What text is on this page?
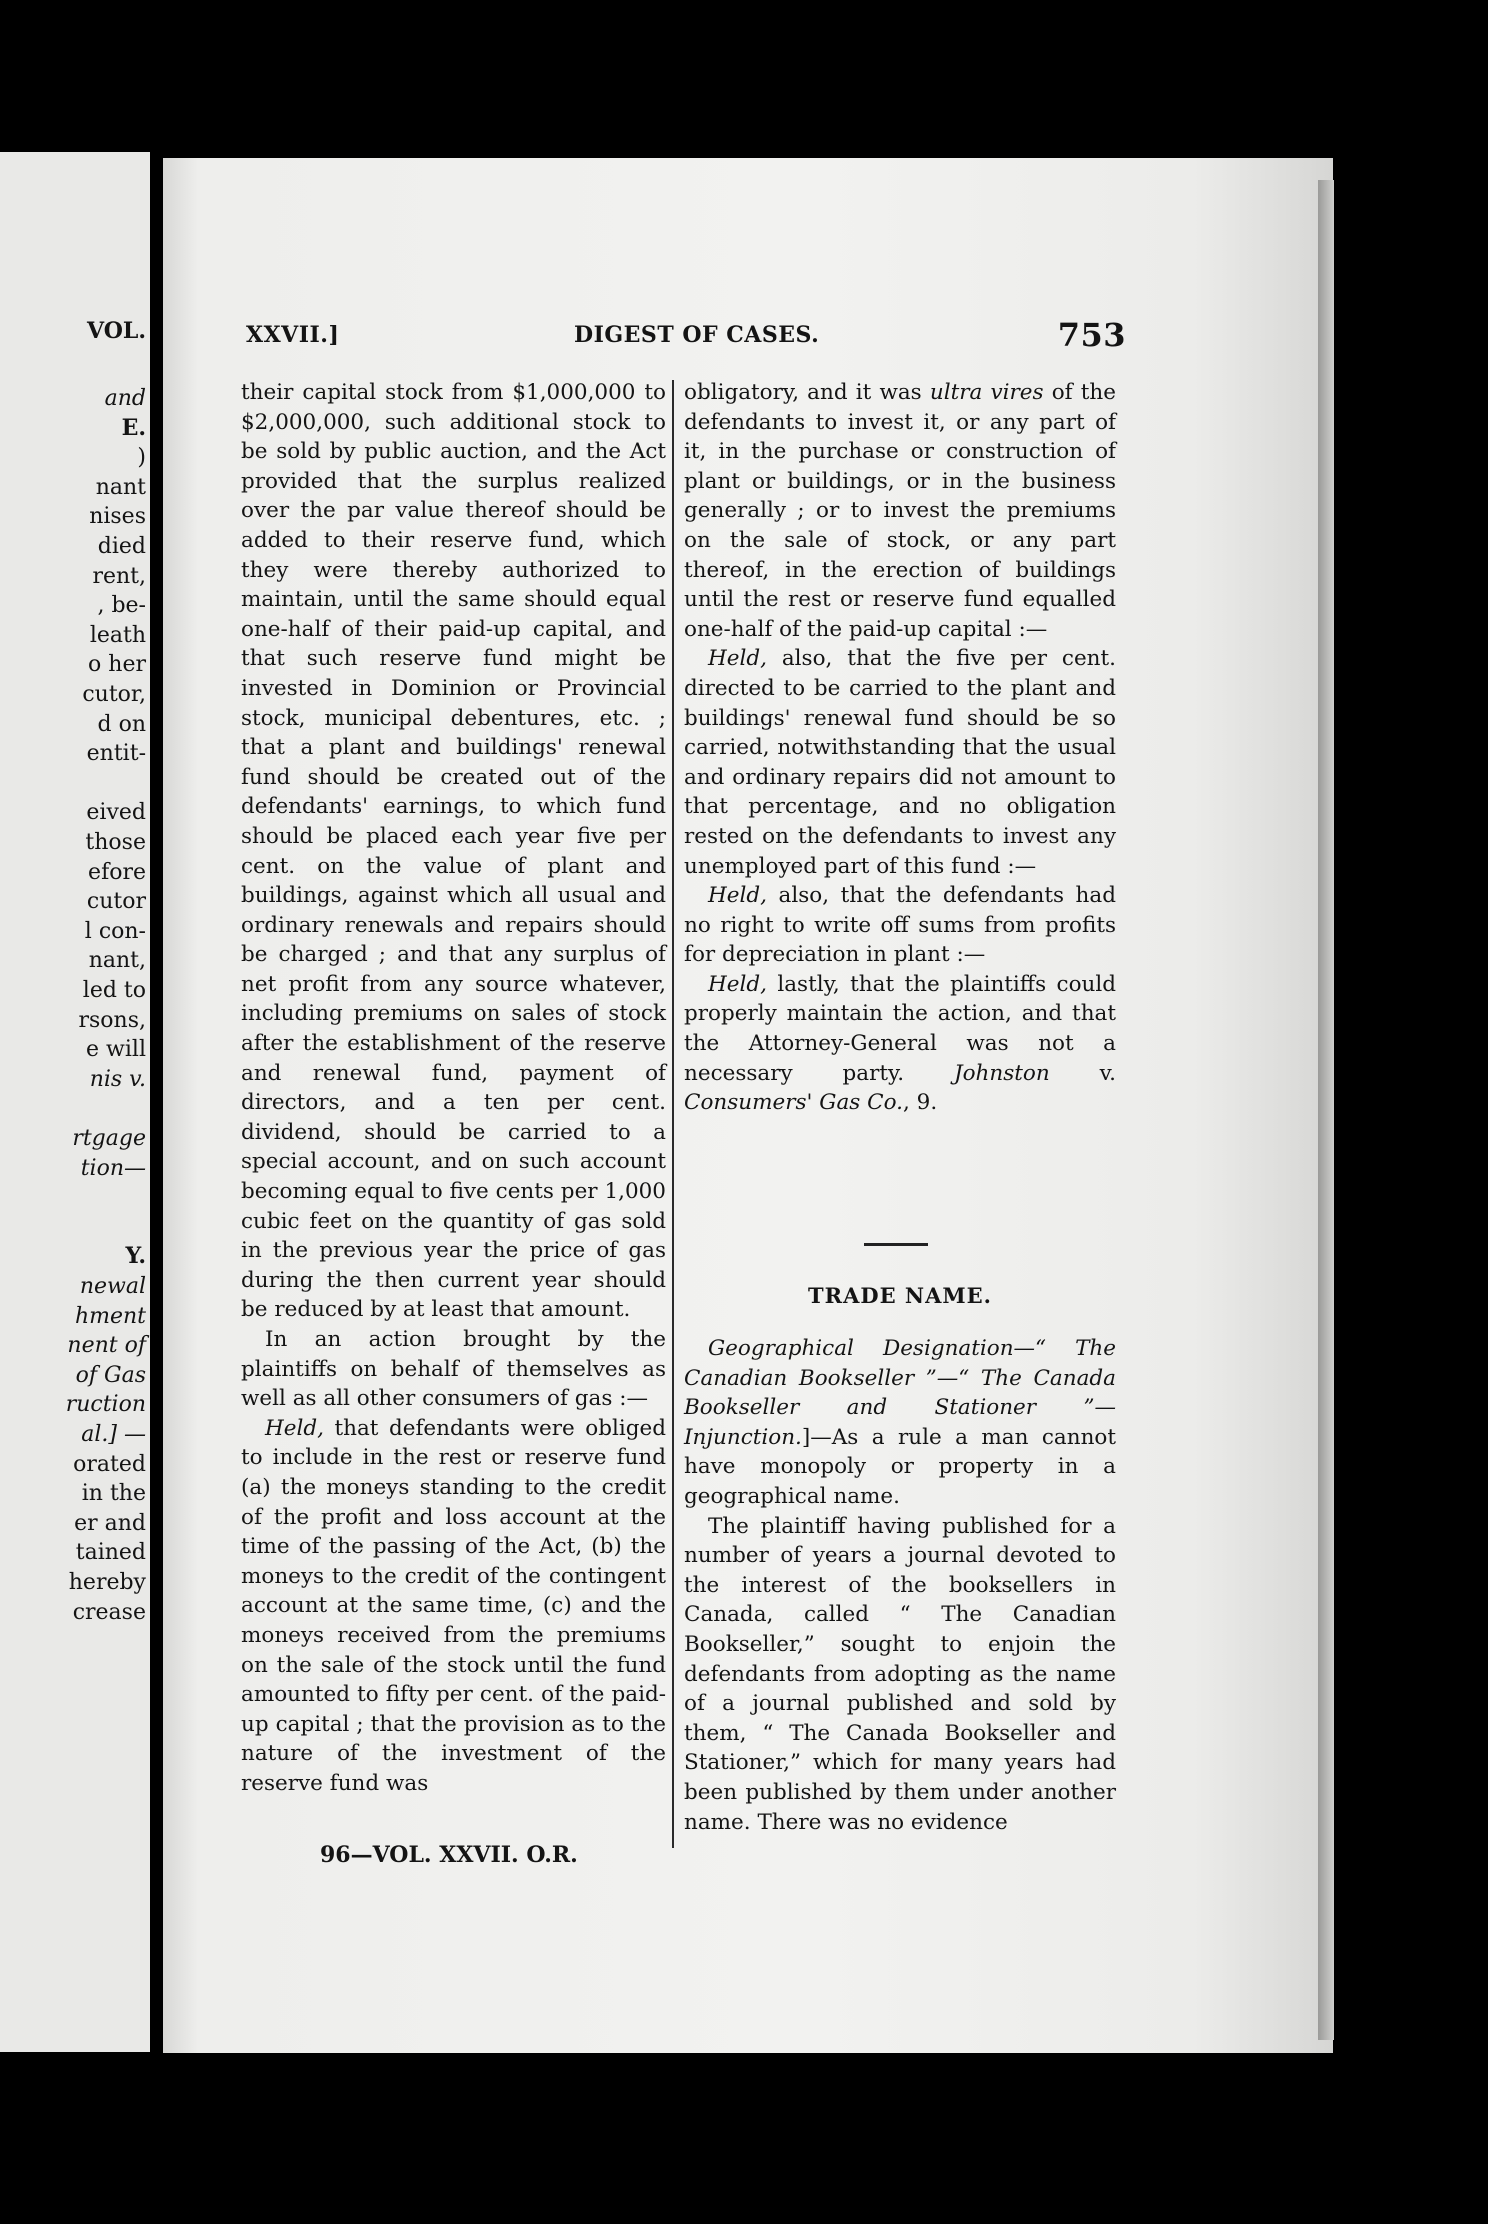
VOL.
and
E.
)
nant
nises
died
rent,
, be-
leath
o her
cutor,
d on
entit-
eived
those
efore
cutor
l con-
nant,
led to
rsons,
e will
nis v.
rtgage
tion—
Y.
newal
hment
nent of
of Gas
ruction
al.] —
orated
in the
er and
tained
hereby
crease
XXVII.]	DIGEST OF CASES.	753

their capital stock from $1,000,000 to $2,000,000, such additional stock to be sold by public auction, and the Act provided that the surplus realized over the par value thereof should be added to their reserve fund, which they were thereby authorized to maintain, until the same should equal one-half of their paid-up capital, and that such reserve fund might be invested in Dominion or Provincial stock, municipal debentures, etc. ; that a plant and buildings' renewal fund should be created out of the defendants' earnings, to which fund should be placed each year five per cent. on the value of plant and buildings, against which all usual and ordinary renewals and repairs should be charged ; and that any surplus of net profit from any source whatever, including premiums on sales of stock after the establishment of the reserve and renewal fund, payment of directors, and a ten per cent. dividend, should be carried to a special account, and on such account becoming equal to five cents per 1,000 cubic feet on the quantity of gas sold in the previous year the price of gas during the then current year should be reduced by at least that amount.

In an action brought by the plaintiffs on behalf of themselves as well as all other consumers of gas :—

Held, that defendants were obliged to include in the rest or reserve fund (a) the moneys standing to the credit of the profit and loss account at the time of the passing of the Act, (b) the moneys to the credit of the contingent account at the same time, (c) and the moneys received from the premiums on the sale of the stock until the fund amounted to fifty per cent. of the paid-up capital ; that the provision as to the nature of the investment of the reserve fund was

obligatory, and it was ultra vires of the defendants to invest it, or any part of it, in the purchase or construction of plant or buildings, or in the business generally ; or to invest the premiums on the sale of stock, or any part thereof, in the erection of buildings until the rest or reserve fund equalled one-half of the paid-up capital :—

Held, also, that the five per cent. directed to be carried to the plant and buildings' renewal fund should be so carried, notwithstanding that the usual and ordinary repairs did not amount to that percentage, and no obligation rested on the defendants to invest any unemployed part of this fund :—

Held, also, that the defendants had no right to write off sums from profits for depreciation in plant :—

Held, lastly, that the plaintiffs could properly maintain the action, and that the Attorney-General was not a necessary party. Johnston v. Consumers' Gas Co., 9.

TRADE NAME.

Geographical Designation—“ The Canadian Bookseller ”—“ The Canada Bookseller and Stationer ”—Injunction.]—As a rule a man cannot have monopoly or property in a geographical name.

The plaintiff having published for a number of years a journal devoted to the interest of the booksellers in Canada, called “ The Canadian Bookseller,” sought to enjoin the defendants from adopting as the name of a journal published and sold by them, “ The Canada Bookseller and Stationer,” which for many years had been published by them under another name. There was no evidence

96—VOL. XXVII. O.R.
